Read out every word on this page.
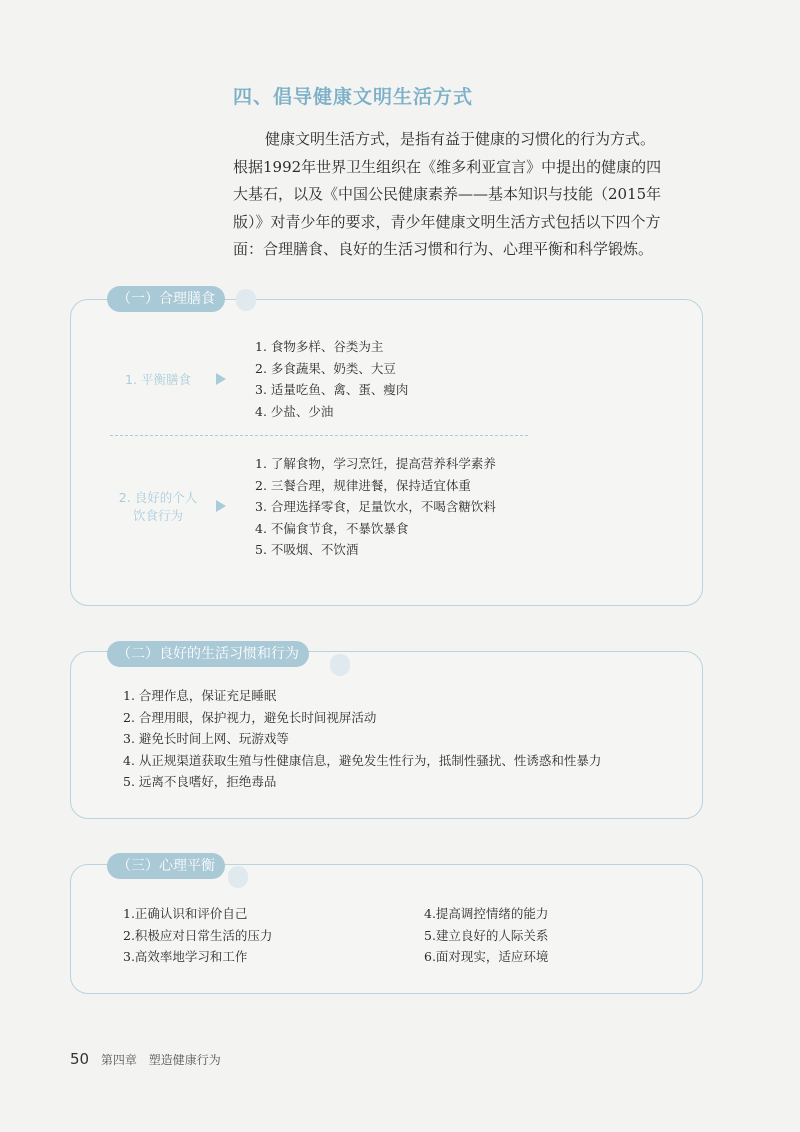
四、倡导健康文明生活方式

健康文明生活方式，是指有益于健康的习惯化的行为方式。

根据1992年世界卫生组织在《维多利亚宣言》中提出的健康的四

大基石，以及《中国公民健康素养——基本知识与技能（2015年

版）》对青少年的要求，青少年健康文明生活方式包括以下四个方

面：合理膳食、良好的生活习惯和行为、心理平衡和科学锻炼。

（一）合理膳食
1. 平衡膳食
1. 食物多样、谷类为主
2. 多食蔬果、奶类、大豆
3. 适量吃鱼、禽、蛋、瘦肉
4. 少盐、少油
2. 良好的个人
饮食行为
1. 了解食物，学习烹饪，提高营养科学素养
2. 三餐合理，规律进餐，保持适宜体重
3. 合理选择零食，足量饮水，不喝含糖饮料
4. 不偏食节食，不暴饮暴食
5. 不吸烟、不饮酒
（二）良好的生活习惯和行为
1. 合理作息，保证充足睡眠
2. 合理用眼，保护视力，避免长时间视屏活动
3. 避免长时间上网、玩游戏等
4. 从正规渠道获取生殖与性健康信息，避免发生性行为，抵制性骚扰、性诱惑和性暴力
5. 远离不良嗜好，拒绝毒品
（三）心理平衡
1.正确认识和评价自己
2.积极应对日常生活的压力
3.高效率地学习和工作
4.提高调控情绪的能力
5.建立良好的人际关系
6.面对现实，适应环境
50 第四章 塑造健康行为
